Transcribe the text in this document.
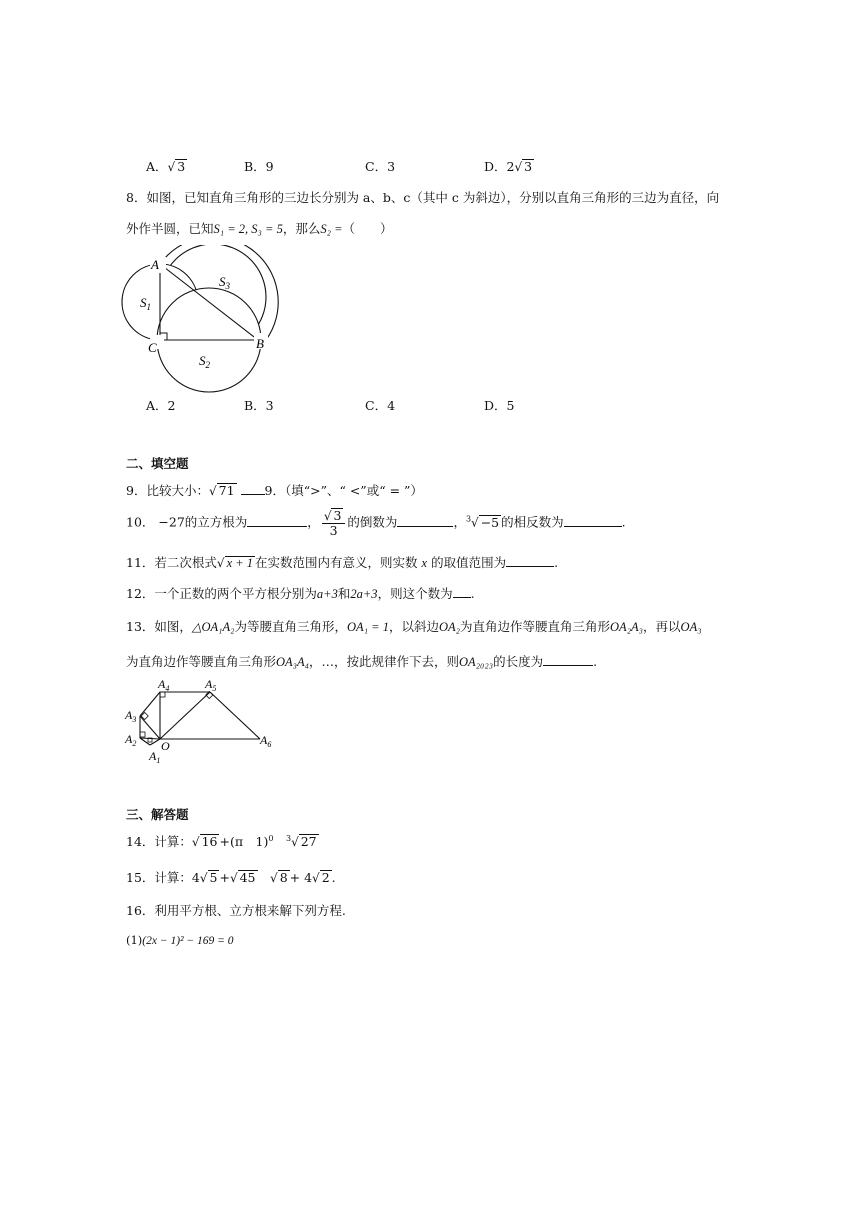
A．√ 3	B．9	C．3	D．2√ 3
8．如图，已知直角三角形的三边长分别为 a、b、c（其中 c 为斜边），分别以直角三角形的三边为直径，向
外作半圆，已知S₁ = 2, S₃ = 5，那么S₂ =（　　）
A
C	B
$S_1$
$S_2$
$S_3$
A．2	B．3	C．4	D．5
二、填空题
9．比较大小：√ 71 9．（填“>”、“ <”或“ = ”）
10． −27的立方根为	， $\frac{√ 3}{3}$ 的倒数为	，$^3$√ −5 的相反数为	.
11．若二次根式√ x + 1 在实数范围内有意义，则实数 x 的取值范围为	.
12．一个正数的两个平方根分别为a+3和2a+3，则这个数为 .
13．如图，△OA₁A₂为等腰直角三角形，OA₁ = 1，以斜边OA₂为直角边作等腰直角三角形OA₂A₃，再以OA₃
为直角边作等腰直角三角形OA₃A₄，…，按此规律作下去，则OA₂₀₂₃的长度为	.
$A_1$
$A_2$
$A_3$
$A_4$	$A_5$
$A_6$
O
三、解答题
14．计算：√ 16 +(π　1)$^0$　 $^3$√ 27
15．计算：4√ 5 +√ 45　 √ 8 + 4√ 2 .
16．利用平方根、立方根来解下列方程.
(1)(2x − 1)² − 169 = 0
